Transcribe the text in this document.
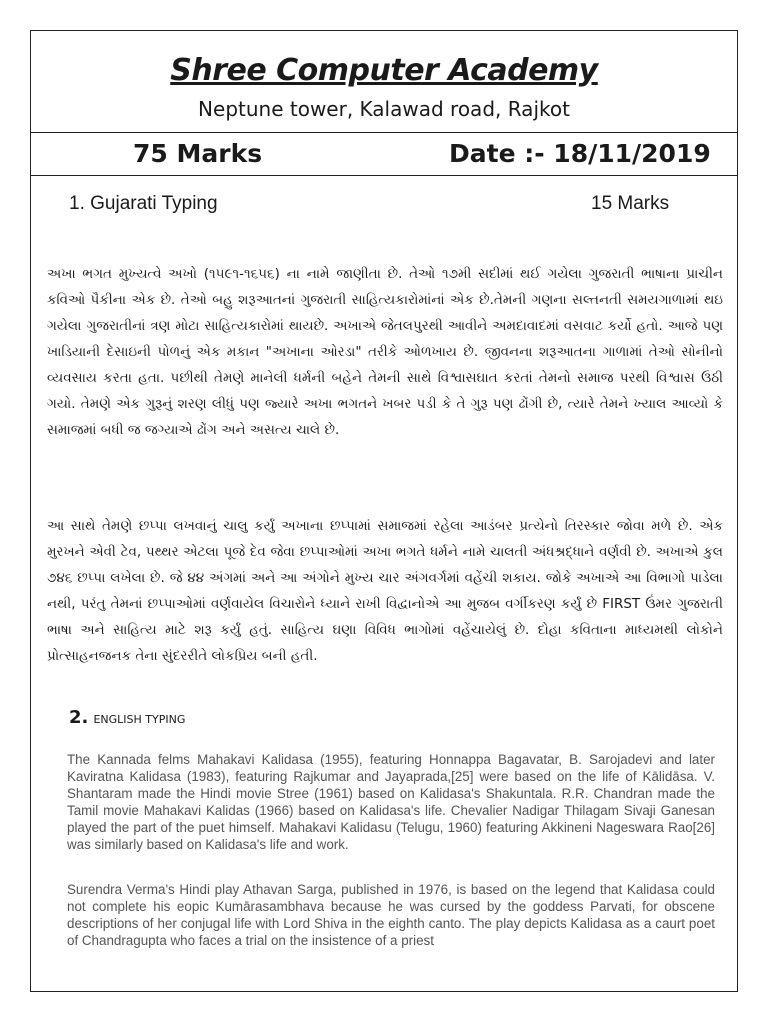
Shree Computer Academy
Neptune tower, Kalawad road, Rajkot
75 Marks	Date :- 18/11/2019
1. Gujarati Typing	15 Marks

અખા ભગત મુખ્યત્વે અખો (૧૫૯૧-૧૬૫૬) ના નામે જાણીતા છે. તેઓ ૧૭મી સદીમાં થઈ ગયેલા ગુજરાતી ભાષાના પ્રાચીન કવિઓ પૈકીના એક છે. તેઓ બહુ શરૂઆતનાં ગુજરાતી સાહિત્યકારોમાંનાં એક છે.તેમની ગણના સલ્તનતી સમયગાળામાં થઇ ગયેલા ગુજરાતીનાં ત્રણ મોટા સાહિત્યકારોમાં થાયછે. અખાએ જેતલપુરથી આવીને અમદાવાદમાં વસવાટ કર્યો હતો. આજે પણ ખાડિયાની દેસાઇની પોળનું એક મકાન "અખાના ઓરડા" તરીકે ઓળખાય છે. જીવનના શરૂઆતના ગાળામાં તેઓ સોનીનો વ્યવસાય કરતા હતા. પછીથી તેમણે માનેલી ધર્મની બહેને તેમની સાથે વિશ્વાસઘાત કરતાં તેમનો સમાજ પરથી વિશ્વાસ ઉઠી ગયો. તેમણે એક ગુરૂનું શરણ લીધું પણ જ્યારે અખા ભગતને ખબર પડી કે તે ગુરૂ પણ ઢોંગી છે, ત્યારે તેમને ખ્યાલ આવ્યો કે સમાજમાં બધી જ જગ્યાએ ઢોંગ અને અસત્ય ચાલે છે.

આ સાથે તેમણે છપ્પા લખવાનું ચાલુ કર્યું અખાના છપ્પામાં સમાજમાં રહેલા આડંબર પ્રત્યેનો તિરસ્કાર જોવા મળે છે. એક મુરખને એવી ટેવ, પથ્થર એટલા પૂજે દેવ જેવા છપ્પાઓમાં અખા ભગતે ધર્મને નામે ચાલતી અંધશ્રદ્ધાને વર્ણવી છે. અખાએ કુલ ૭૪૬ છપ્પા લખેલા છે. જે ૪૪ અંગમાં અને આ અંગોને મુખ્ય ચાર અંગવર્ગમાં વહેંચી શકાય. જોકે અખાએ આ વિભાગો પાડેલા નથી, પરંતુ તેમનાં છપ્પાઓમાં વર્ણવાયેલ વિચારોને ધ્યાને રાખી વિદ્વાનોએ આ મુજબ વર્ગીકરણ કર્યું છે FIRST ઉંમર ગુજરાતી ભાષા અને સાહિત્ય માટે શરૂ કર્યું હતું. સાહિત્ય ઘણા વિવિધ ભાગોમાં વહેંચાયેલું છે. દોહા કવિતાના માધ્યમથી લોકોને પ્રોત્સાહનજનક તેના સુંદરરીતે લોકપ્રિય બની હતી.

2. ENGLISH TYPING

The Kannada felms Mahakavi Kalidasa (1955), featuring Honnappa Bagavatar, B. Sarojadevi and later Kaviratna Kalidasa (1983), featuring Rajkumar and Jayaprada,[25] were based on the life of Kālidāsa. V. Shantaram made the Hindi movie Stree (1961) based on Kalidasa's Shakuntala. R.R. Chandran made the Tamil movie Mahakavi Kalidas (1966) based on Kalidasa's life. Chevalier Nadigar Thilagam Sivaji Ganesan played the part of the puet himself. Mahakavi Kalidasu (Telugu, 1960) featuring Akkineni Nageswara Rao[26] was similarly based on Kalidasa's life and work.

Surendra Verma's Hindi play Athavan Sarga, published in 1976, is based on the legend that Kalidasa could not complete his eopic Kumārasambhava because he was cursed by the goddess Parvati, for obscene descriptions of her conjugal life with Lord Shiva in the eighth canto. The play depicts Kalidasa as a caurt poet of Chandragupta who faces a trial on the insistence of a priest
